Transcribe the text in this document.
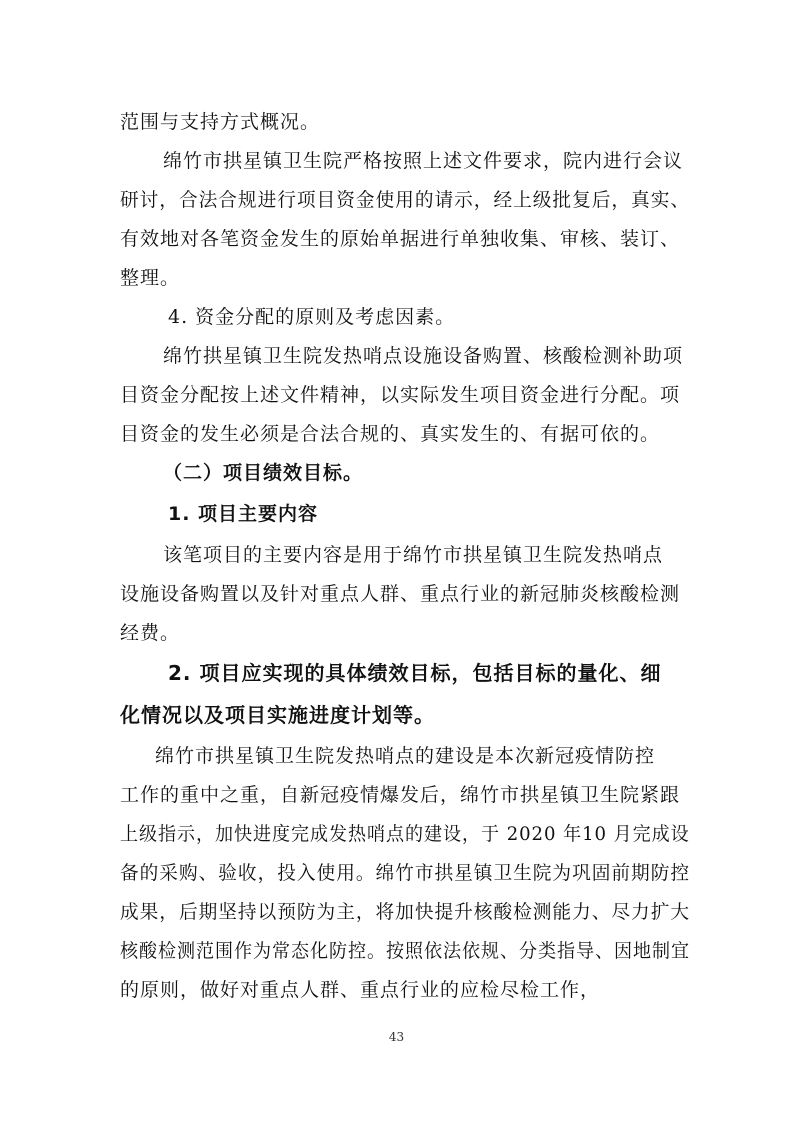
范围与支持方式概况。
绵竹市拱星镇卫生院严格按照上述文件要求，院内进行会议
研讨，合法合规进行项目资金使用的请示，经上级批复后，真实、
有效地对各笔资金发生的原始单据进行单独收集、审核、装订、
整理。
4. 资金分配的原则及考虑因素。
绵竹拱星镇卫生院发热哨点设施设备购置、核酸检测补助项
目资金分配按上述文件精神，以实际发生项目资金进行分配。项
目资金的发生必须是合法合规的、真实发生的、有据可依的。
（二）项目绩效目标。
1. 项目主要内容
该笔项目的主要内容是用于绵竹市拱星镇卫生院发热哨点
设施设备购置以及针对重点人群、重点行业的新冠肺炎核酸检测
经费。
2. 项目应实现的具体绩效目标，包括目标的量化、细
化情况以及项目实施进度计划等。
绵竹市拱星镇卫生院发热哨点的建设是本次新冠疫情防控
工作的重中之重，自新冠疫情爆发后，绵竹市拱星镇卫生院紧跟
上级指示，加快进度完成发热哨点的建设，于 2020 年10 月完成设
备的采购、验收，投入使用。绵竹市拱星镇卫生院为巩固前期防控
成果，后期坚持以预防为主，将加快提升核酸检测能力、尽力扩大
核酸检测范围作为常态化防控。按照依法依规、分类指导、因地制宜
的原则，做好对重点人群、重点行业的应检尽检工作，
43
